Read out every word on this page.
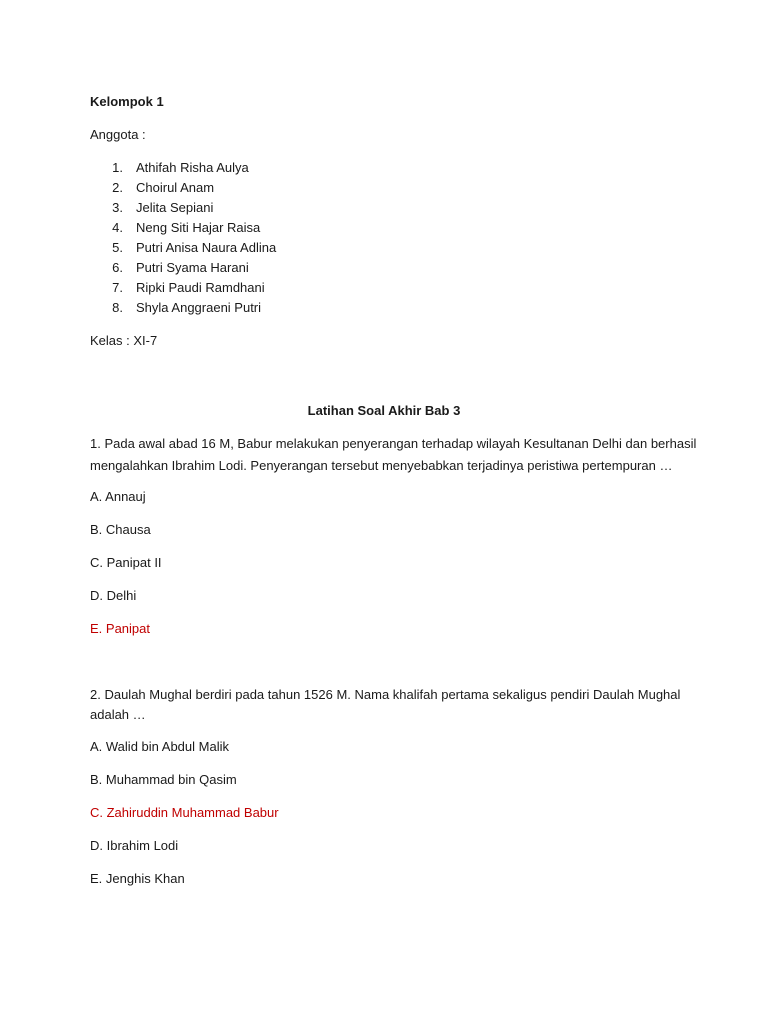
Kelompok 1
Anggota :
1. Athifah Risha Aulya
2. Choirul Anam
3. Jelita Sepiani
4. Neng Siti Hajar Raisa
5. Putri Anisa Naura Adlina
6. Putri Syama Harani
7. Ripki Paudi Ramdhani
8. Shyla Anggraeni Putri
Kelas : XI-7
Latihan Soal Akhir Bab 3
1. Pada awal abad 16 M, Babur melakukan penyerangan terhadap wilayah Kesultanan Delhi dan berhasil
mengalahkan Ibrahim Lodi. Penyerangan tersebut menyebabkan terjadinya peristiwa pertempuran …
A. Annauj
B. Chausa
C. Panipat II
D. Delhi
E. Panipat
2. Daulah Mughal berdiri pada tahun 1526 M. Nama khalifah pertama sekaligus pendiri Daulah Mughal
adalah …
A. Walid bin Abdul Malik
B. Muhammad bin Qasim
C. Zahiruddin Muhammad Babur
D. Ibrahim Lodi
E. Jenghis Khan
